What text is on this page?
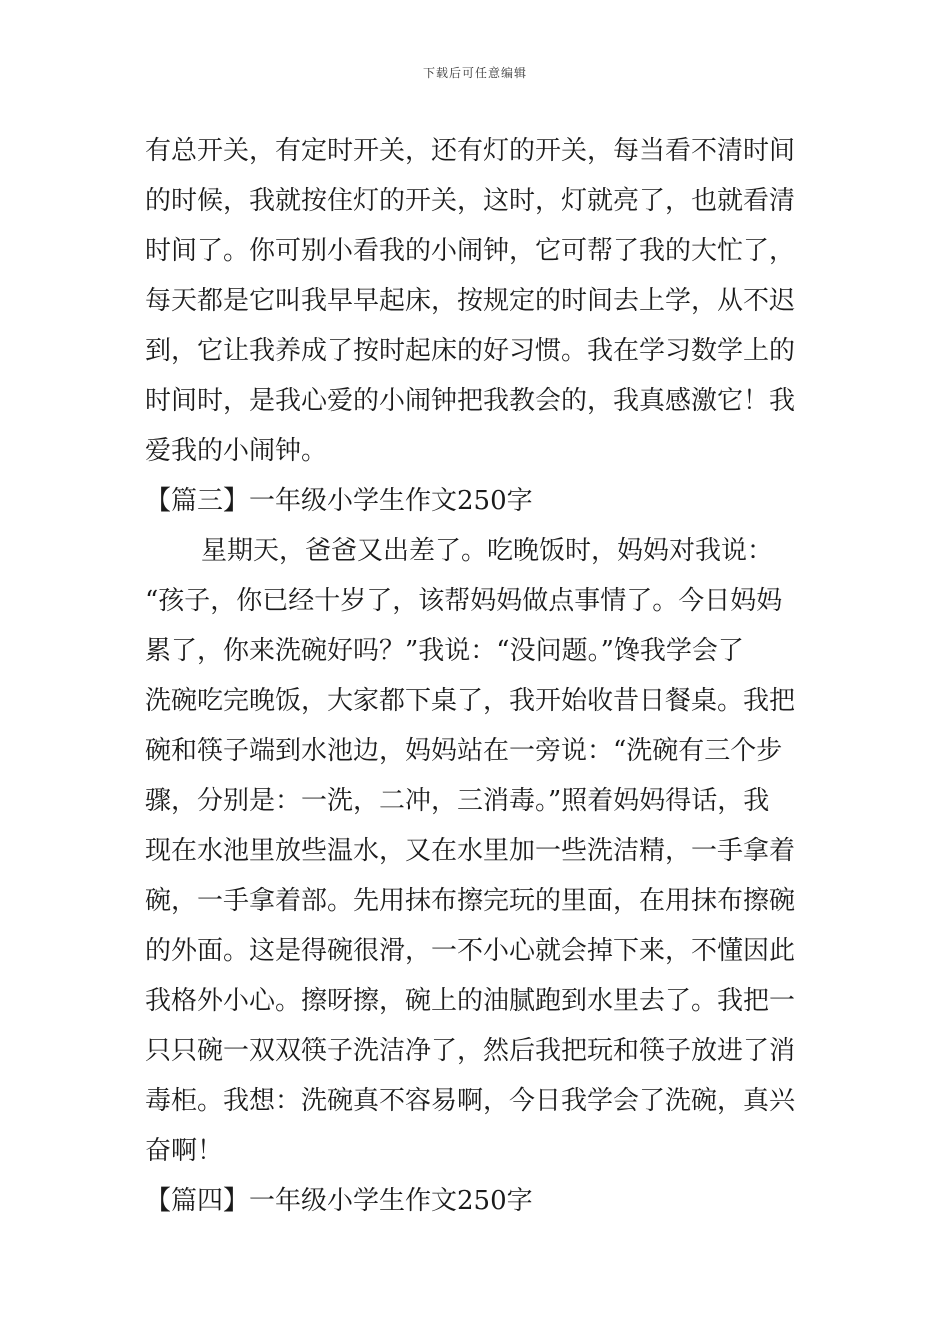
下载后可任意编辑
有总开关，有定时开关，还有灯的开关，每当看不清时间
的时候，我就按住灯的开关，这时，灯就亮了，也就看清
时间了。你可别小看我的小闹钟，它可帮了我的大忙了，
每天都是它叫我早早起床，按规定的时间去上学，从不迟
到，它让我养成了按时起床的好习惯。我在学习数学上的
时间时，是我心爱的小闹钟把我教会的，我真感激它！我
爱我的小闹钟。
【篇三】一年级小学生作文250字
星期天，爸爸又出差了。吃晚饭时，妈妈对我说：
“孩子，你已经十岁了，该帮妈妈做点事情了。今日妈妈
累了，你来洗碗好吗？”我说：“没问题。”馋我学会了
洗碗吃完晚饭，大家都下桌了，我开始收昔日餐桌。我把
碗和筷子端到水池边，妈妈站在一旁说：“洗碗有三个步
骤，分别是：一洗，二冲，三消毒。”照着妈妈得话，我
现在水池里放些温水，又在水里加一些洗洁精，一手拿着
碗，一手拿着部。先用抹布擦完玩的里面，在用抹布擦碗
的外面。这是得碗很滑，一不小心就会掉下来，不懂因此
我格外小心。擦呀擦，碗上的油腻跑到水里去了。我把一
只只碗一双双筷子洗洁净了，然后我把玩和筷子放进了消
毒柜。我想：洗碗真不容易啊，今日我学会了洗碗，真兴
奋啊！
【篇四】一年级小学生作文250字
